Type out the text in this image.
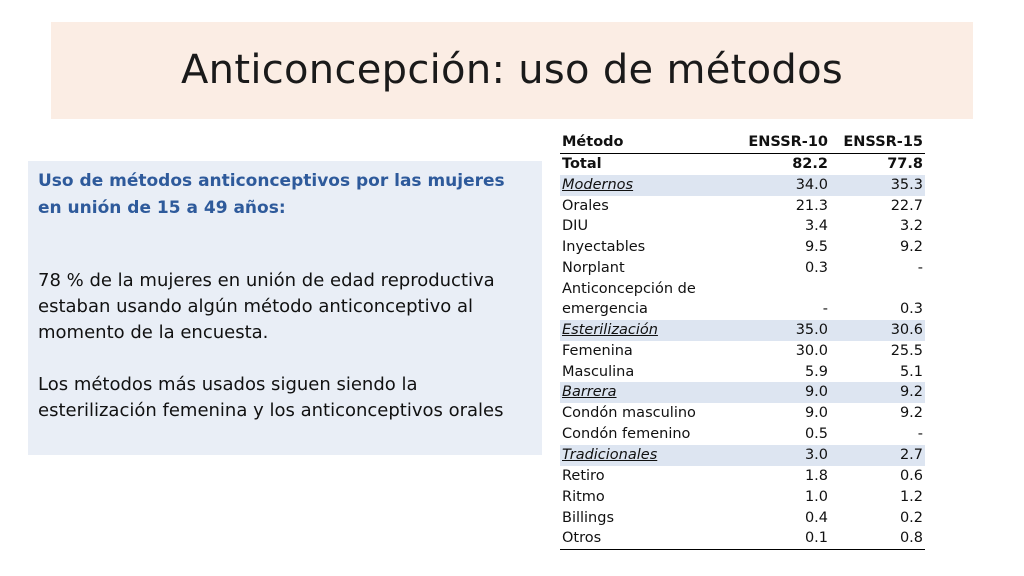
Anticoncepción: uso de métodos
Uso de métodos anticonceptivos por las mujeres en unión de 15 a 49 años:

78 % de la mujeres en unión de edad reproductiva estaban usando algún método anticonceptivo al momento de la encuesta.

Los métodos más usados siguen siendo la esterilización femenina y los anticonceptivos orales

Método	ENSSR-10	ENSSR-15
Total	82.2	77.8
Modernos	34.0	35.3
Orales	21.3	22.7
DIU	3.4	3.2
Inyectables	9.5	9.2
Norplant	0.3	-
Anticoncepción de emergencia	-	0.3
Esterilización	35.0	30.6
Femenina	30.0	25.5
Masculina	5.9	5.1
Barrera	9.0	9.2
Condón masculino	9.0	9.2
Condón femenino	0.5	-
Tradicionales	3.0	2.7
Retiro	1.8	0.6
Ritmo	1.0	1.2
Billings	0.4	0.2
Otros	0.1	0.8
